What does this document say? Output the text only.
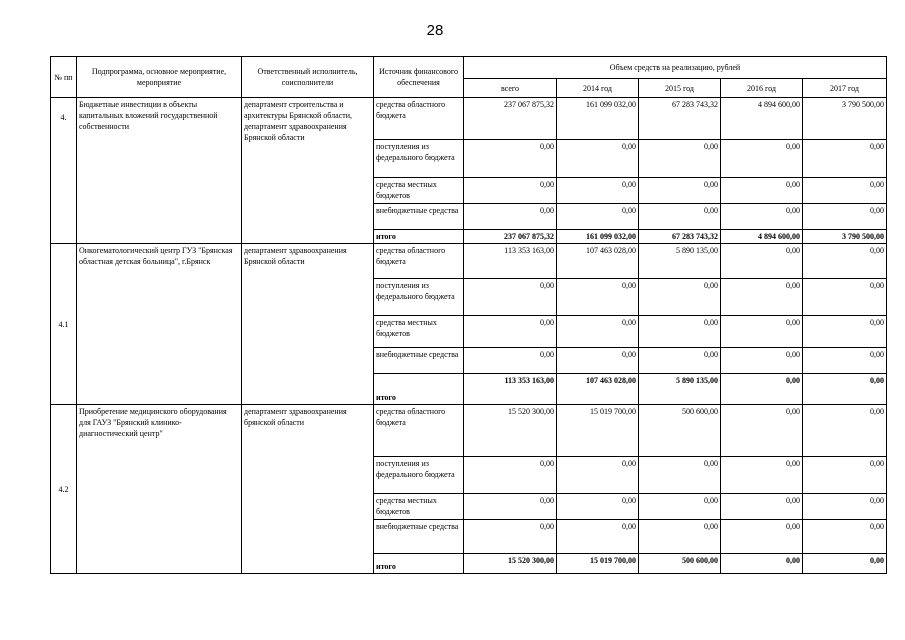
28
№ пп	Подпрограмма, основное мероприятие, мероприятие	Ответственный исполнитель, соисполнители	Источник финансового обеспечения	Объем средств на реализацию, рублей				
				всего	2014 год	2015 год	2016 год	2017 год
4.	Бюджетные инвестиции в объекты капитальных вложений государственной собственности	департамент строительства и архитектуры Брянской области, департамент здравоохранения Брянской области	средства областного бюджета	237 067 875,32	161 099 032,00	67 283 743,32	4 894 600,00	3 790 500,00
			поступления из федерального бюджета	0,00	0,00	0,00	0,00	0,00
			средства местных бюджетов	0,00	0,00	0,00	0,00	0,00
			внебюджетные средства	0,00	0,00	0,00	0,00	0,00
			итого	237 067 875,32	161 099 032,00	67 283 743,32	4 894 600,00	3 790 500,00
4.1	Онкогематологический центр ГУЗ "Брянская областная детская больница", г.Брянск	департамент здравоохранения Брянской области	средства областного бюджета	113 353 163,00	107 463 028,00	5 890 135,00	0,00	0,00
			поступления из федерального бюджета	0,00	0,00	0,00	0,00	0,00
			средства местных бюджетов	0,00	0,00	0,00	0,00	0,00
			внебюджетные средства	0,00	0,00	0,00	0,00	0,00
			итого	113 353 163,00	107 463 028,00	5 890 135,00	0,00	0,00
4.2	Приобретение медицинского оборудования для ГАУЗ "Брянский клинико-диагностический центр"	департамент здравоохранения брянской области	средства областного бюджета	15 520 300,00	15 019 700,00	500 600,00	0,00	0,00
			поступления из федерального бюджета	0,00	0,00	0,00	0,00	0,00
			средства местных бюджетов	0,00	0,00	0,00	0,00	0,00
			внебюджетные средства	0,00	0,00	0,00	0,00	0,00
			итого	15 520 300,00	15 019 700,00	500 600,00	0,00	0,00
